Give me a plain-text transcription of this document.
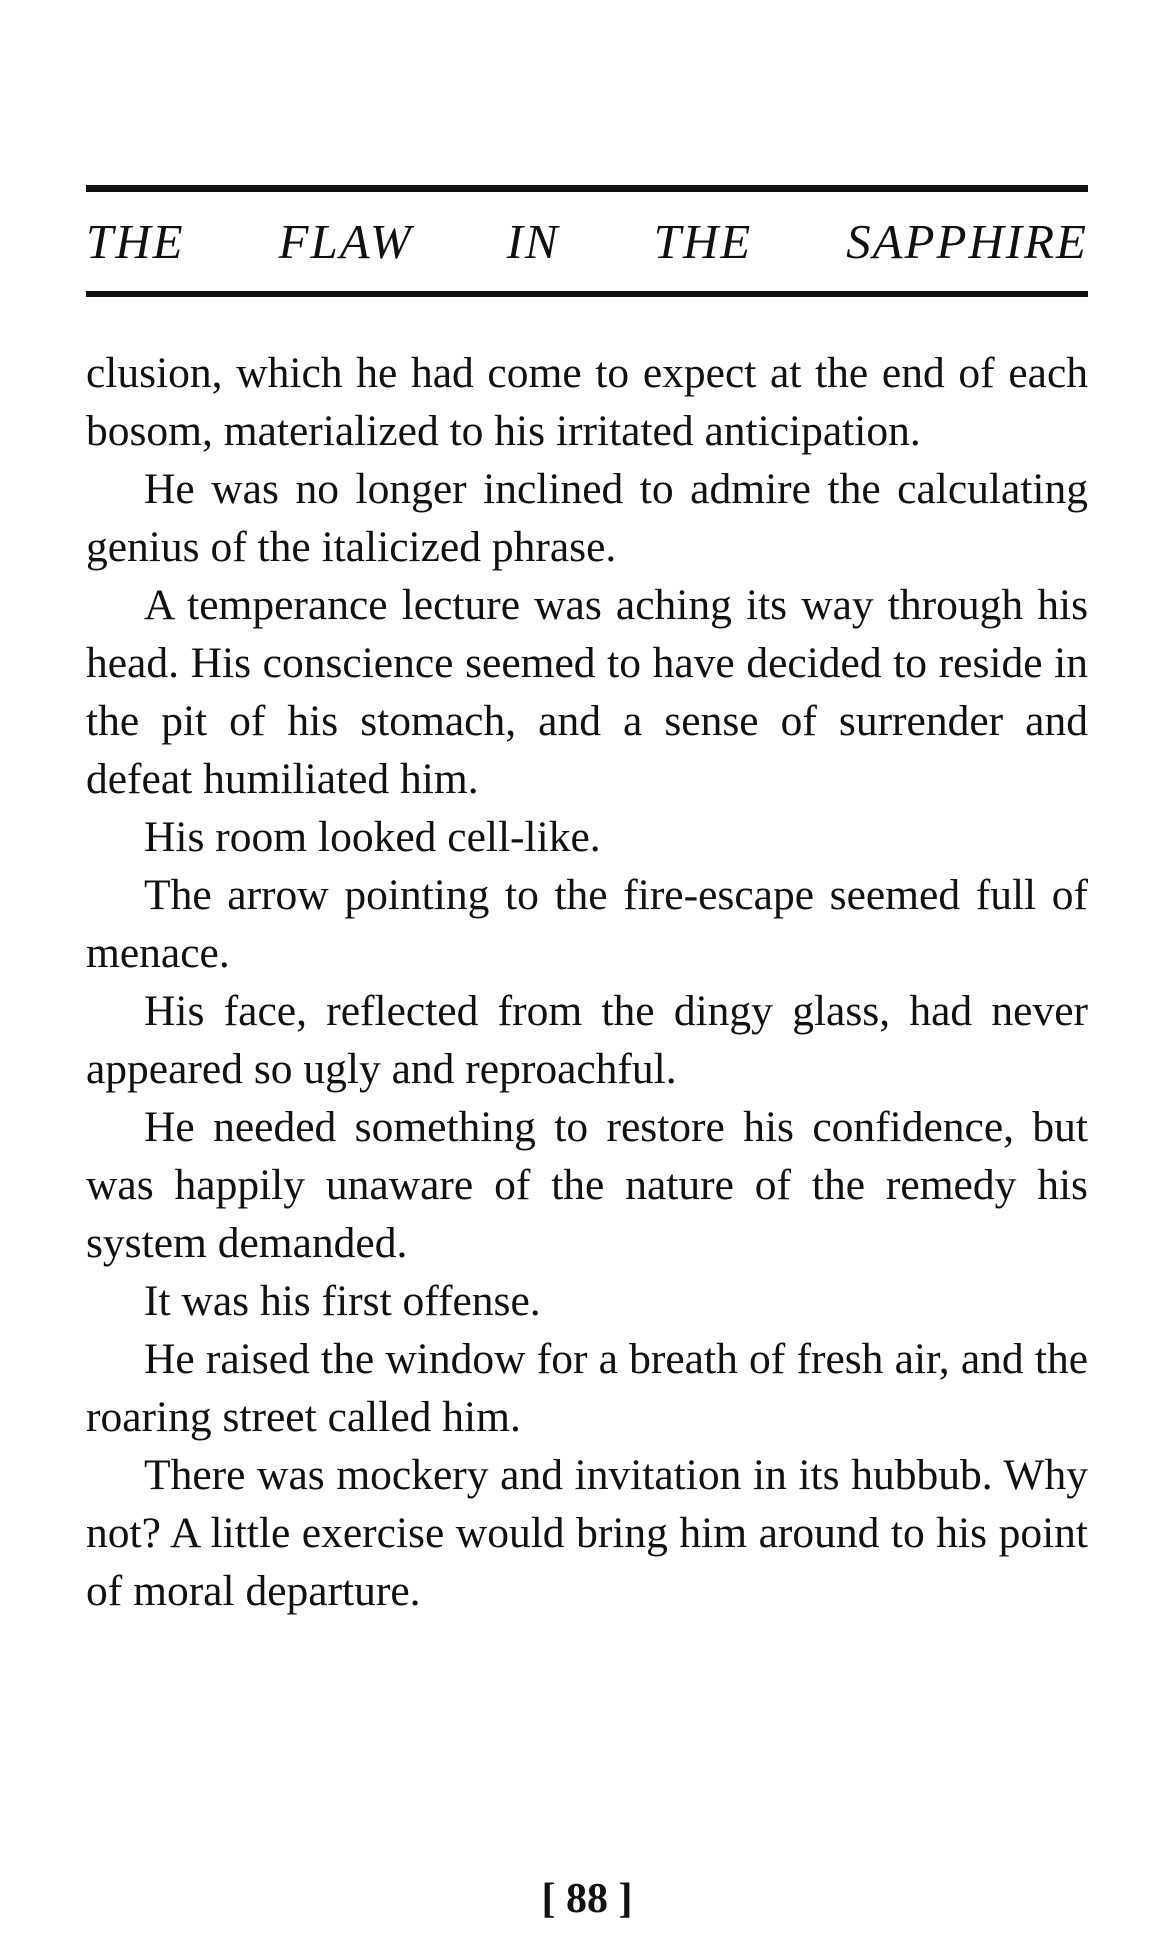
THE FLAW IN THE SAPPHIRE

clusion, which he had come to expect at the end of each bosom, materialized to his irritated anticipation.

He was no longer inclined to admire the calculating genius of the italicized phrase.

A temperance lecture was aching its way through his head. His conscience seemed to have decided to reside in the pit of his stomach, and a sense of surrender and defeat humiliated him.

His room looked cell-like.

The arrow pointing to the fire-escape seemed full of menace.

His face, reflected from the dingy glass, had never appeared so ugly and reproachful.

He needed something to restore his confidence, but was happily unaware of the nature of the remedy his system demanded.

It was his first offense.

He raised the window for a breath of fresh air, and the roaring street called him.

There was mockery and invitation in its hubbub. Why not? A little exercise would bring him around to his point of moral departure.

[ 88 ]
